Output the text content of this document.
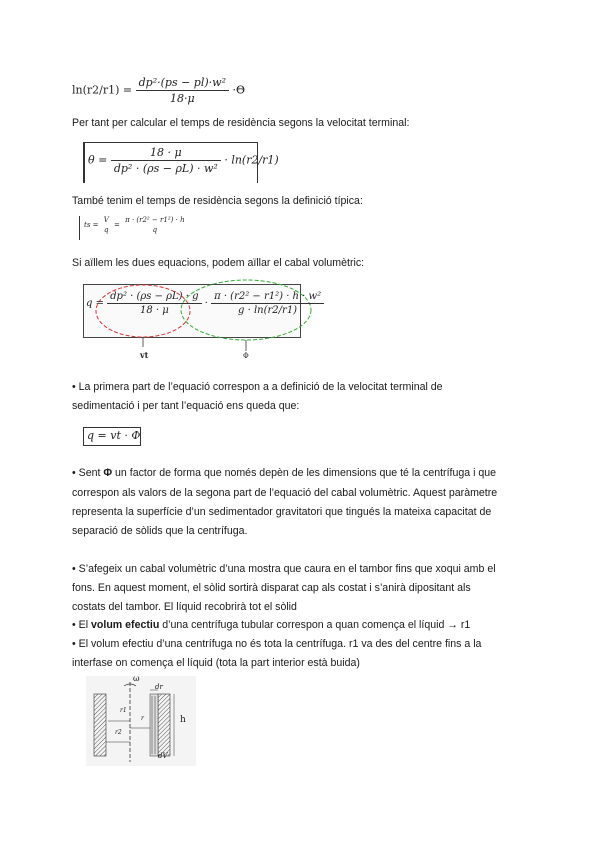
$\ln(r2/r1) = \frac{\text{dp²·(ps − pl)·w²}}{18\cdot\mu} \cdot\Theta$
Per tant per calcular el temps de residència segons la velocitat terminal:
$\theta = \frac{18 \cdot \mu}{\text{dp² · (ρs − ρL) · w²}} \cdot \ln(r2/r1)$
També tenim el temps de residència segons la definició típica:
ts =
V
q
=
π · (r2² − r1²) · h
q
Si aïllem les dues equacions, podem aïllar el cabal volumètric:
$q = \frac{\text{dp² · (ρs − ρL) · g}}{18 \cdot \mu} \cdot \frac{\text{π · (r2² − r1²) · h · w²}}{g \cdot \ln(r2/r1)}$
vt	Φ
• La primera part de l’equació correspon a a definició de la velocitat terminal de
sedimentació i per tant l’equació ens queda que:
q = vt · Φ
• Sent Φ un factor de forma que només depèn de les dimensions que té la centrífuga i que
correspon als valors de la segona part de l’equació del cabal volumètric. Aquest paràmetre
representa la superfície d’un sedimentador gravitatori que tingués la mateixa capacitat de
separació de sòlids que la centrífuga.
• S’afegeix un cabal volumètric d’una mostra que caura en el tambor fins que xoqui amb el
fons. En aquest moment, el sòlid sortirà disparat cap als costat i s’anirà dipositant als
costats del tambor. El líquid recobrirà tot el sòlid
• El volum efectiu d’una centrífuga tubular correspon a quan comença el líquid → r1
• El volum efectiu d’una centrífuga no és tota la centrífuga. r1 va des del centre fins a la
interfase on comença el líquid (tota la part interior està buida)
ω
dr
r1
r
r2
h
dV
